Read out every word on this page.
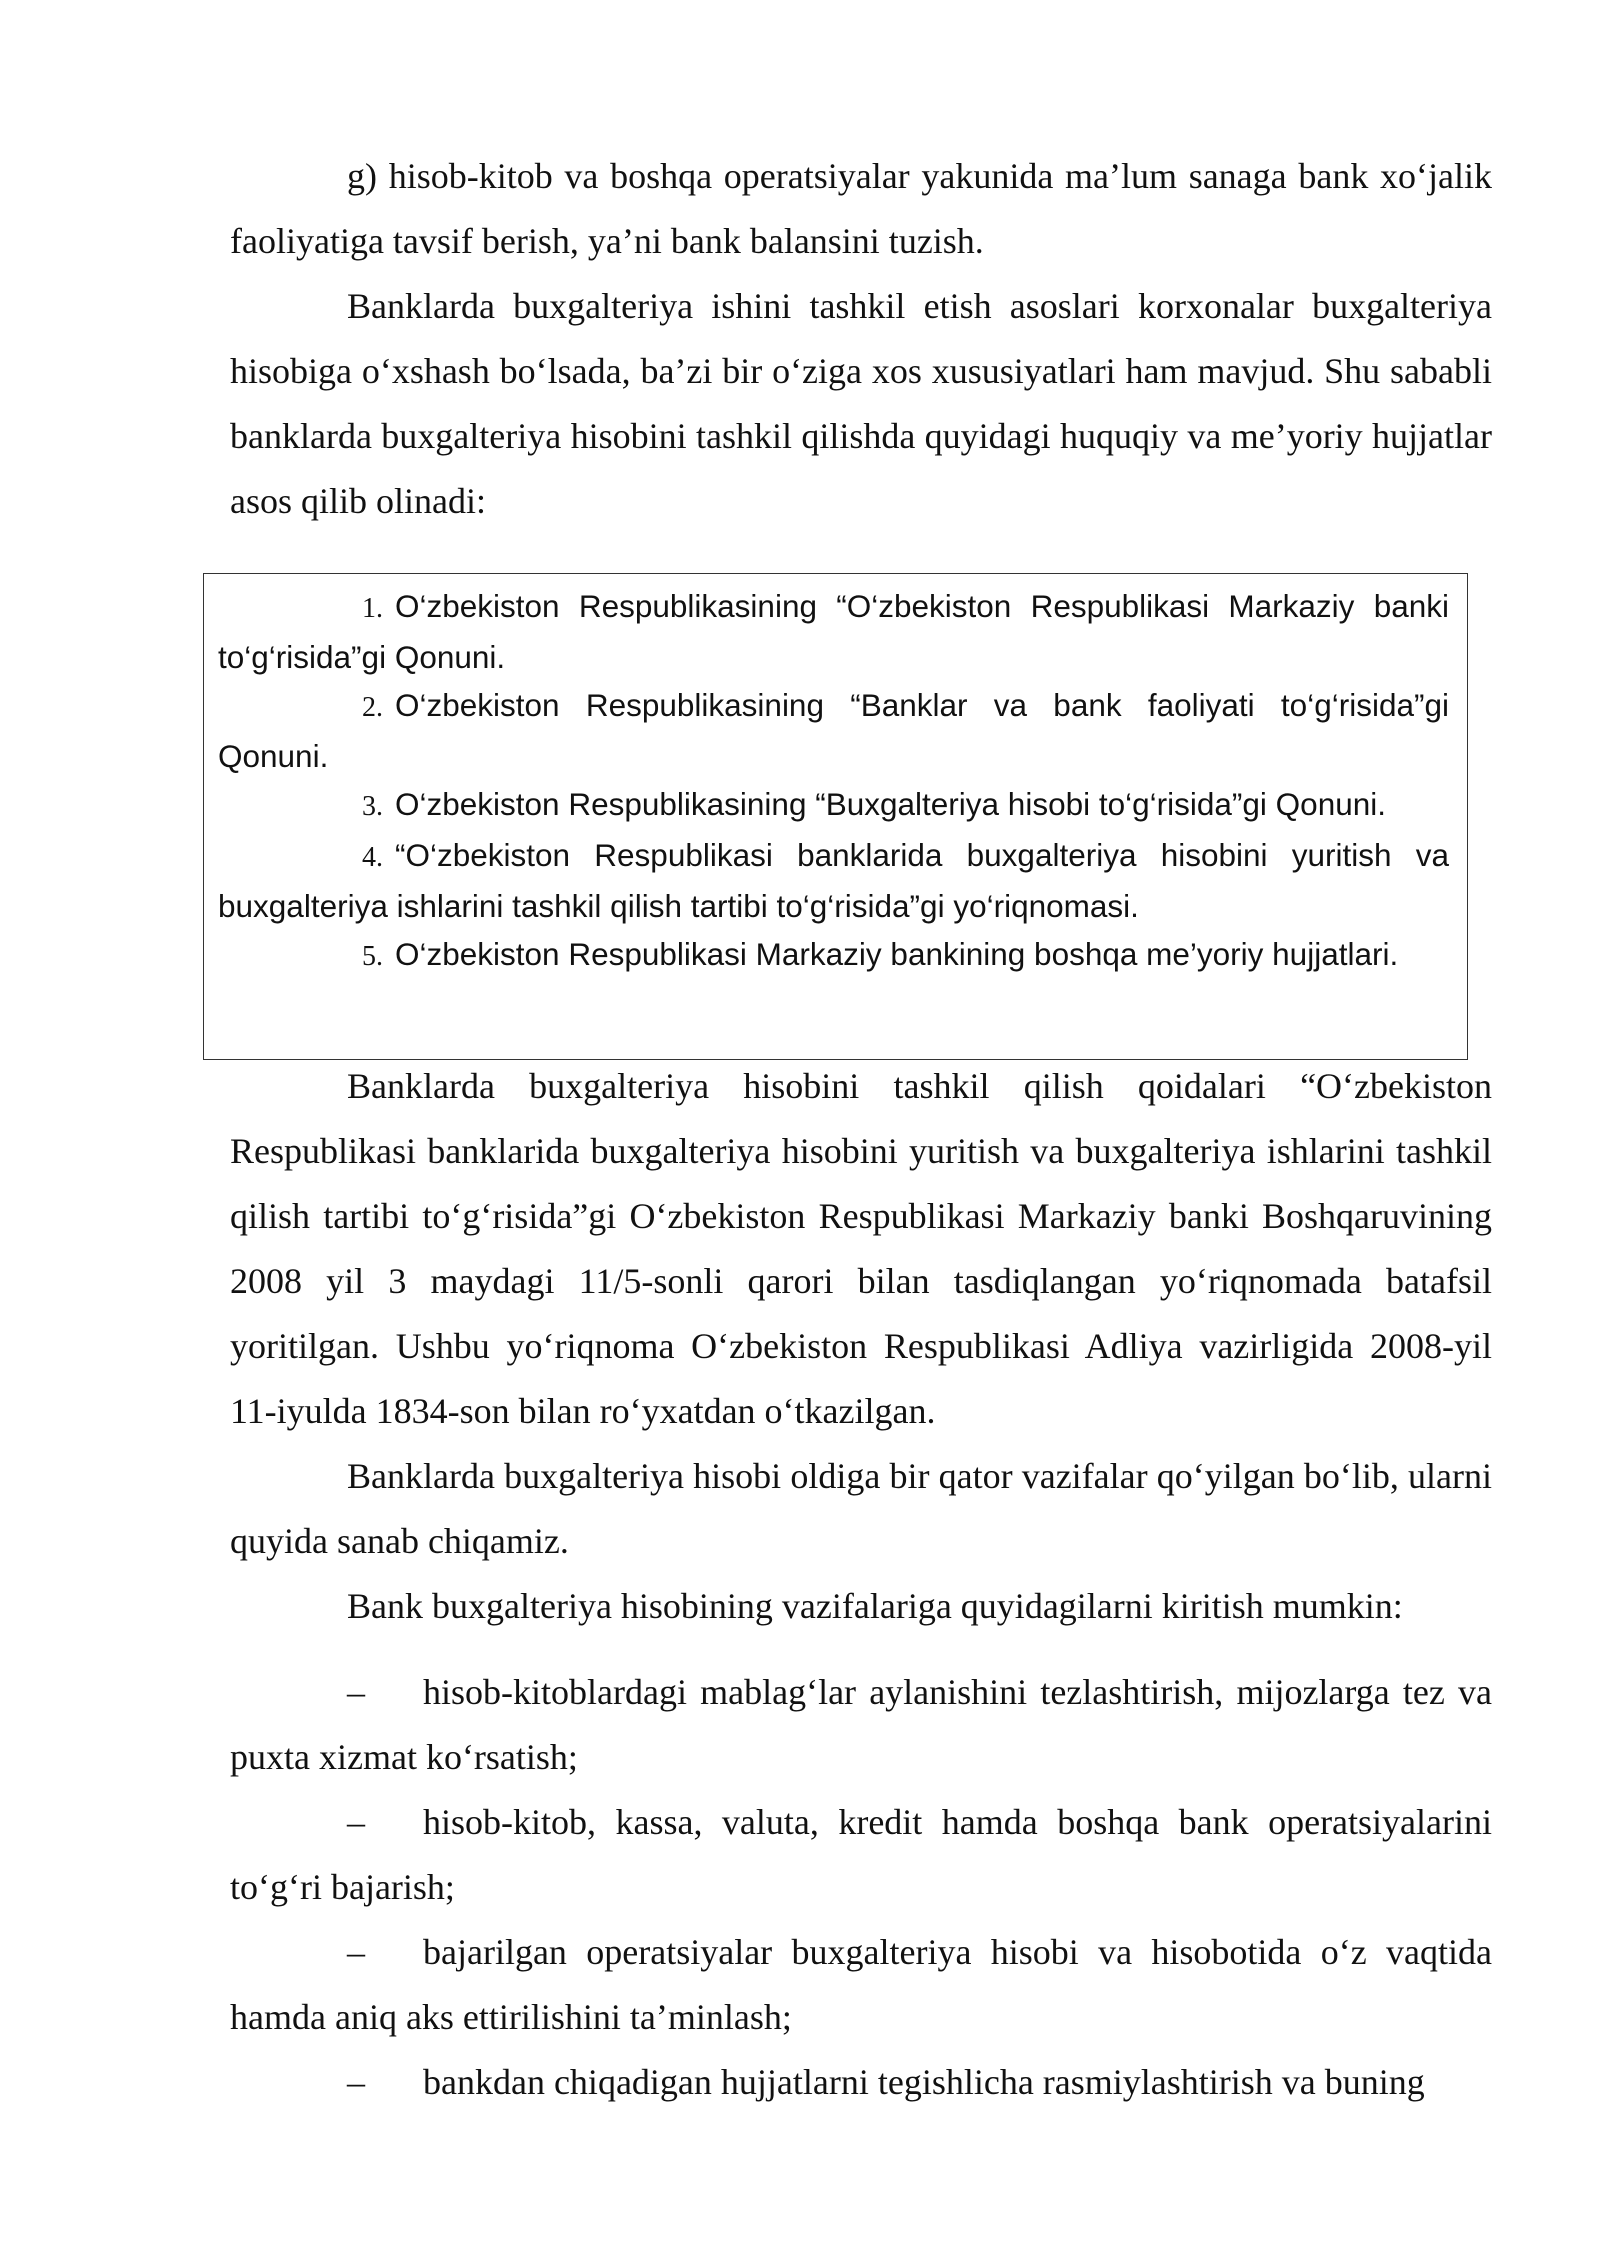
g) hisob-kitob va boshqa operatsiyalar yakunida ma’lum sanaga bank xo‘jalik faoliyatiga tavsif berish, ya’ni bank balansini tuzish.

Banklarda buxgalteriya ishini tashkil etish asoslari korxonalar buxgalteriya hisobiga o‘xshash bo‘lsada, ba’zi bir o‘ziga xos xususiyatlari ham mavjud. Shu sababli banklarda buxgalteriya hisobini tashkil qilishda quyidagi huquqiy va me’yoriy hujjatlar asos qilib olinadi:

1. O‘zbekiston Respublikasining “O‘zbekiston Respublikasi Markaziy banki to‘g‘risida”gi Qonuni.

2. O‘zbekiston Respublikasining “Banklar va bank faoliyati to‘g‘risida”gi Qonuni.

3. O‘zbekiston Respublikasining “Buxgalteriya hisobi to‘g‘risida”gi Qonuni.

4. “O‘zbekiston Respublikasi banklarida buxgalteriya hisobini yuritish va buxgalteriya ishlarini tashkil qilish tartibi to‘g‘risida”gi yo‘riqnomasi.

5. O‘zbekiston Respublikasi Markaziy bankining boshqa me’yoriy hujjatlari.

Banklarda buxgalteriya hisobini tashkil qilish qoidalari “O‘zbekiston Respublikasi banklarida buxgalteriya hisobini yuritish va buxgalteriya ishlarini tashkil qilish tartibi to‘g‘risida”gi O‘zbekiston Respublikasi Markaziy banki Boshqaruvining 2008 yil 3 maydagi 11/5-sonli qarori bilan tasdiqlangan yo‘riqnomada batafsil yoritilgan. Ushbu yo‘riqnoma O‘zbekiston Respublikasi Adliya vazirligida 2008-yil 11-iyulda 1834-son bilan ro‘yxatdan o‘tkazilgan.

Banklarda buxgalteriya hisobi oldiga bir qator vazifalar qo‘yilgan bo‘lib, ularni quyida sanab chiqamiz.

Bank buxgalteriya hisobining vazifalariga quyidagilarni kiritish mumkin:

– hisob-kitoblardagi mablag‘lar aylanishini tezlashtirish, mijozlarga tez va puxta xizmat ko‘rsatish;

– hisob-kitob, kassa, valuta, kredit hamda boshqa bank operatsiyalarini to‘g‘ri bajarish;

– bajarilgan operatsiyalar buxgalteriya hisobi va hisobotida o‘z vaqtida hamda aniq aks ettirilishini ta’minlash;

– bankdan chiqadigan hujjatlarni tegishlicha rasmiylashtirish va buning
